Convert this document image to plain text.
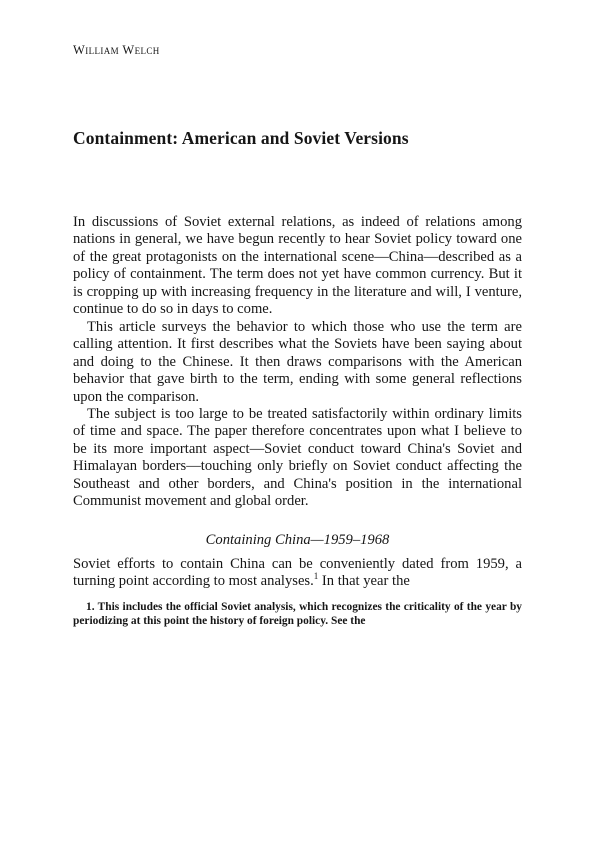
William Welch
Containment: American and Soviet Versions

In discussions of Soviet external relations, as indeed of relations among nations in general, we have begun recently to hear Soviet policy toward one of the great protagonists on the international scene—China—described as a policy of containment. The term does not yet have common currency. But it is cropping up with increasing frequency in the literature and will, I venture, continue to do so in days to come.

This article surveys the behavior to which those who use the term are calling attention. It first describes what the Soviets have been saying about and doing to the Chinese. It then draws comparisons with the American behavior that gave birth to the term, ending with some general reflections upon the comparison.

The subject is too large to be treated satisfactorily within ordinary limits of time and space. The paper therefore concentrates upon what I believe to be its more important aspect—Soviet conduct toward China's Soviet and Himalayan borders—touching only briefly on Soviet conduct affecting the Southeast and other borders, and China's position in the international Communist movement and global order.

Containing China—1959–1968

Soviet efforts to contain China can be conveniently dated from 1959, a turning point according to most analyses.$^1$ In that year the

1. This includes the official Soviet analysis, which recognizes the criticality of the year by periodizing at this point the history of foreign policy. See the
